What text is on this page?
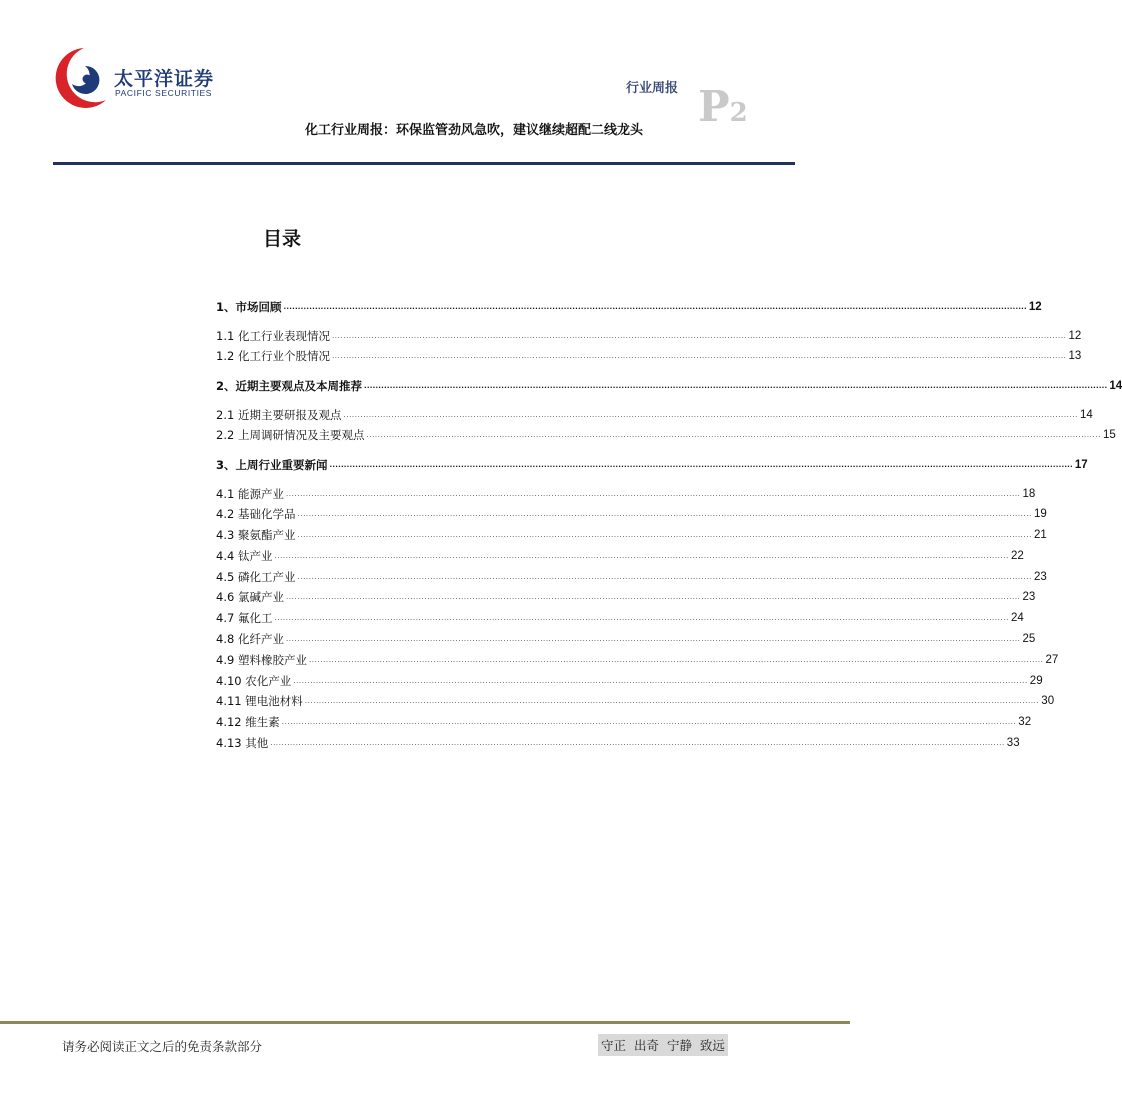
太平洋证券
PACIFIC SECURITIES	行业周报 P2
化工行业周报：环保监管劲风急吹，建议继续超配二线龙头
目录
1、市场回顾 .................................................................................................................................................................................................................................................................... 12
1.1 化工行业表现情况 .................................................................................................................................................................................................................................................................... 12
1.2 化工行业个股情况 .................................................................................................................................................................................................................................................................... 13
2、近期主要观点及本周推荐 .................................................................................................................................................................................................................................................................... 14
2.1 近期主要研报及观点 .................................................................................................................................................................................................................................................................... 14
2.2 上周调研情况及主要观点 .................................................................................................................................................................................................................................................................... 15
3、上周行业重要新闻 .................................................................................................................................................................................................................................................................... 17
4.1 能源产业 .................................................................................................................................................................................................................................................................... 18
4.2 基础化学品 .................................................................................................................................................................................................................................................................... 19
4.3 聚氨酯产业 .................................................................................................................................................................................................................................................................... 21
4.4 钛产业 .................................................................................................................................................................................................................................................................... 22
4.5 磷化工产业 .................................................................................................................................................................................................................................................................... 23
4.6 氯碱产业 .................................................................................................................................................................................................................................................................... 23
4.7 氟化工 .................................................................................................................................................................................................................................................................... 24
4.8 化纤产业 .................................................................................................................................................................................................................................................................... 25
4.9 塑料橡胶产业 .................................................................................................................................................................................................................................................................... 27
4.10 农化产业 .................................................................................................................................................................................................................................................................... 29
4.11 锂电池材料 .................................................................................................................................................................................................................................................................... 30
4.12 维生素 .................................................................................................................................................................................................................................................................... 32
4.13 其他 .................................................................................................................................................................................................................................................................... 33
请务必阅读正文之后的免责条款部分	守正 出奇 宁静 致远
